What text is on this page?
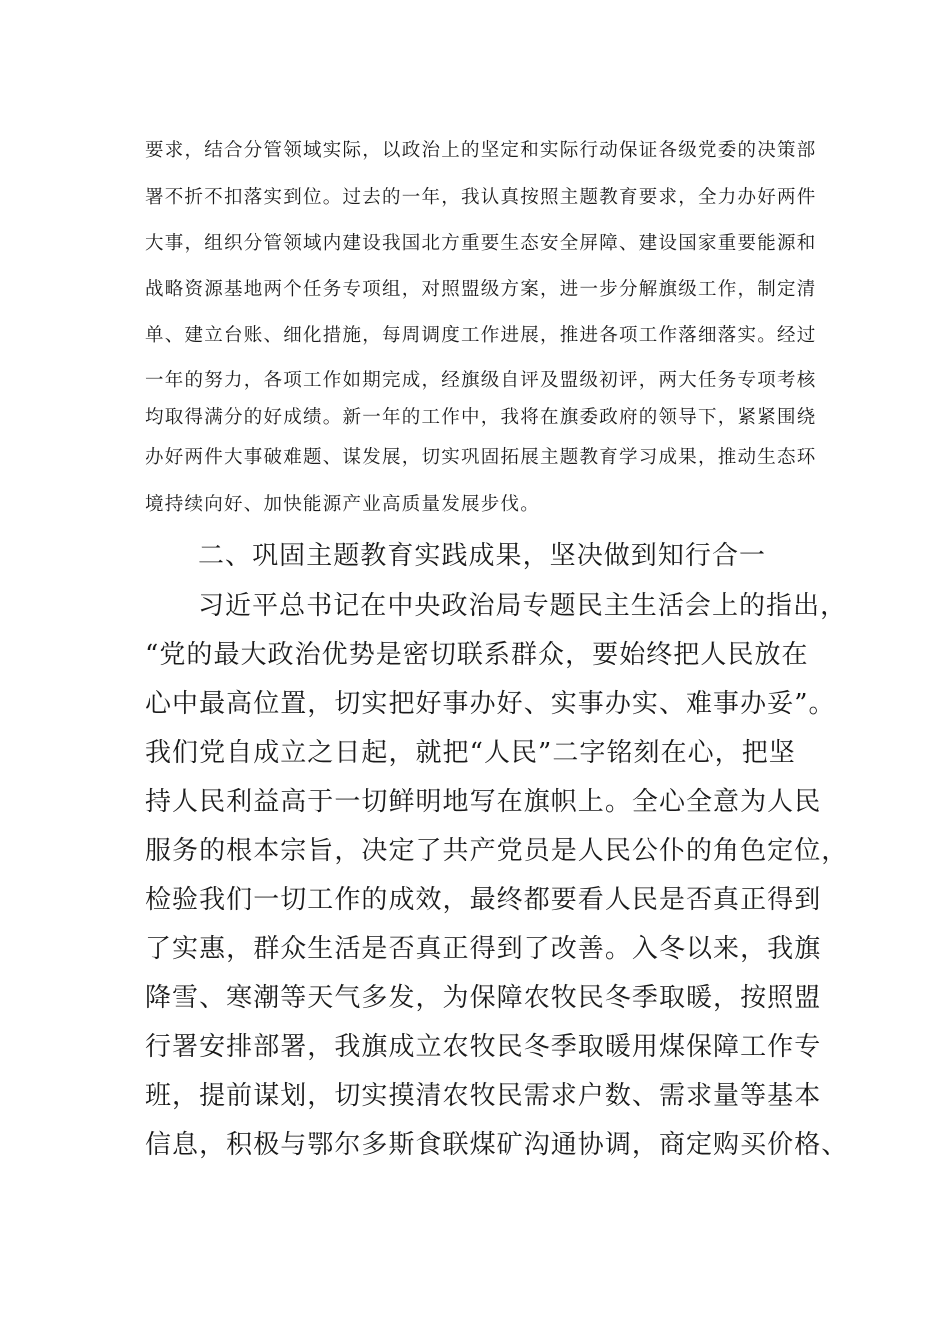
要求，结合分管领域实际，以政治上的坚定和实际行动保证各级党委的决策部

署不折不扣落实到位。过去的一年，我认真按照主题教育要求，全力办好两件

大事，组织分管领域内建设我国北方重要生态安全屏障、建设国家重要能源和

战略资源基地两个任务专项组，对照盟级方案，进一步分解旗级工作，制定清

单、建立台账、细化措施，每周调度工作进展，推进各项工作落细落实。经过

一年的努力，各项工作如期完成，经旗级自评及盟级初评，两大任务专项考核

均取得满分的好成绩。新一年的工作中，我将在旗委政府的领导下，紧紧围绕

办好两件大事破难题、谋发展，切实巩固拓展主题教育学习成果，推动生态环

境持续向好、加快能源产业高质量发展步伐。

二、巩固主题教育实践成果，坚决做到知行合一

习近平总书记在中央政治局专题民主生活会上的指出，

“党的最大政治优势是密切联系群众，要始终把人民放在

心中最高位置，切实把好事办好、实事办实、难事办妥”。

我们党自成立之日起，就把“人民”二字铭刻在心，把坚

持人民利益高于一切鲜明地写在旗帜上。全心全意为人民

服务的根本宗旨，决定了共产党员是人民公仆的角色定位，

检验我们一切工作的成效，最终都要看人民是否真正得到

了实惠，群众生活是否真正得到了改善。入冬以来，我旗

降雪、寒潮等天气多发，为保障农牧民冬季取暖，按照盟

行署安排部署，我旗成立农牧民冬季取暖用煤保障工作专

班，提前谋划，切实摸清农牧民需求户数、需求量等基本

信息，积极与鄂尔多斯食联煤矿沟通协调，商定购买价格、
